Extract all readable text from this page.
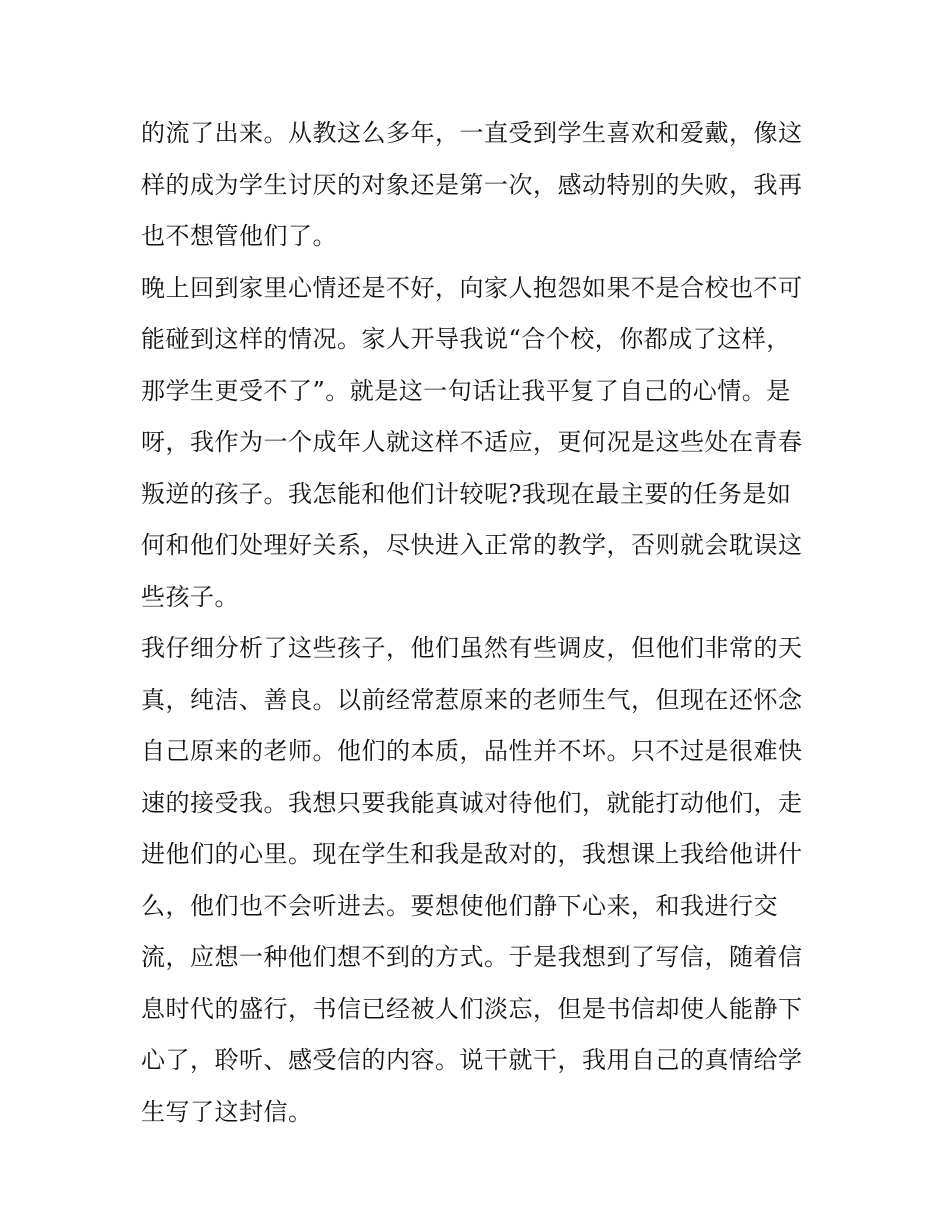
的流了出来。从教这么多年，一直受到学生喜欢和爱戴，像这
样的成为学生讨厌的对象还是第一次，感动特别的失败，我再
也不想管他们了。
晚上回到家里心情还是不好，向家人抱怨如果不是合校也不可
能碰到这样的情况。家人开导我说“合个校，你都成了这样，
那学生更受不了”。就是这一句话让我平复了自己的心情。是
呀，我作为一个成年人就这样不适应，更何况是这些处在青春
叛逆的孩子。我怎能和他们计较呢?我现在最主要的任务是如
何和他们处理好关系，尽快进入正常的教学，否则就会耽误这
些孩子。
我仔细分析了这些孩子，他们虽然有些调皮，但他们非常的天
真，纯洁、善良。以前经常惹原来的老师生气，但现在还怀念
自己原来的老师。他们的本质，品性并不坏。只不过是很难快
速的接受我。我想只要我能真诚对待他们，就能打动他们，走
进他们的心里。现在学生和我是敌对的，我想课上我给他讲什
么，他们也不会听进去。要想使他们静下心来，和我进行交
流，应想一种他们想不到的方式。于是我想到了写信，随着信
息时代的盛行，书信已经被人们淡忘，但是书信却使人能静下
心了，聆听、感受信的内容。说干就干，我用自己的真情给学
生写了这封信。
